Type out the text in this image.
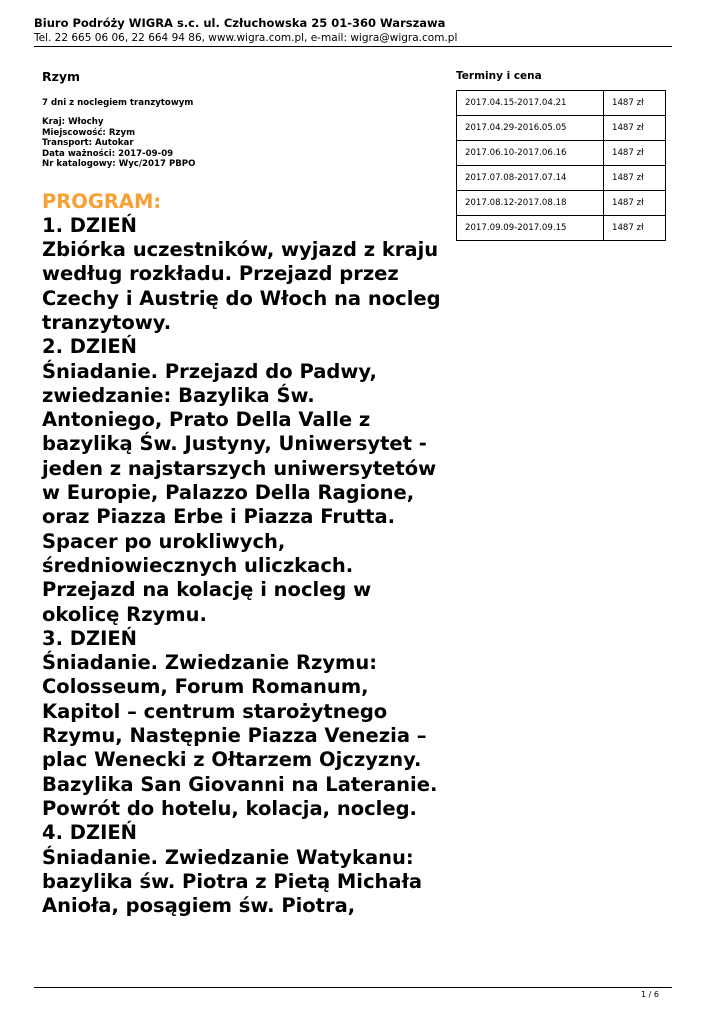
Biuro Podróży WIGRA s.c. ul. Człuchowska 25 01-360 Warszawa
Tel. 22 665 06 06, 22 664 94 86, www.wigra.com.pl, e-mail: wigra@wigra.com.pl
Rzym
7 dni z noclegiem tranzytowym
Kraj: Włochy
Miejscowość: Rzym
Transport: Autokar
Data ważności: 2017-09-09
Nr katalogowy: Wyc/2017 PBPO
PROGRAM:
1. DZIEŃ
Zbiórka uczestników, wyjazd z kraju
według rozkładu. Przejazd przez
Czechy i Austrię do Włoch na nocleg
tranzytowy.
2. DZIEŃ
Śniadanie. Przejazd do Padwy,
zwiedzanie: Bazylika Św.
Antoniego, Prato Della Valle z
bazyliką Św. Justyny, Uniwersytet -
jeden z najstarszych uniwersytetów
w Europie, Palazzo Della Ragione,
oraz Piazza Erbe i Piazza Frutta.
Spacer po urokliwych,
średniowiecznych uliczkach.
Przejazd na kolację i nocleg w
okolicę Rzymu.
3. DZIEŃ
Śniadanie. Zwiedzanie Rzymu:
Colosseum, Forum Romanum,
Kapitol – centrum starożytnego
Rzymu, Następnie Piazza Venezia –
plac Wenecki z Ołtarzem Ojczyzny.
Bazylika San Giovanni na Lateranie.
Powrót do hotelu, kolacja, nocleg.
4. DZIEŃ
Śniadanie. Zwiedzanie Watykanu:
bazylika św. Piotra z Pietą Michała
Anioła, posągiem św. Piotra,
Terminy i cena
2017.04.15-2017.04.21	1487 zł
2017.04.29-2016.05.05	1487 zł
2017.06.10-2017.06.16	1487 zł
2017.07.08-2017.07.14	1487 zł
2017.08.12-2017.08.18	1487 zł
2017.09.09-2017.09.15	1487 zł
1 / 6
